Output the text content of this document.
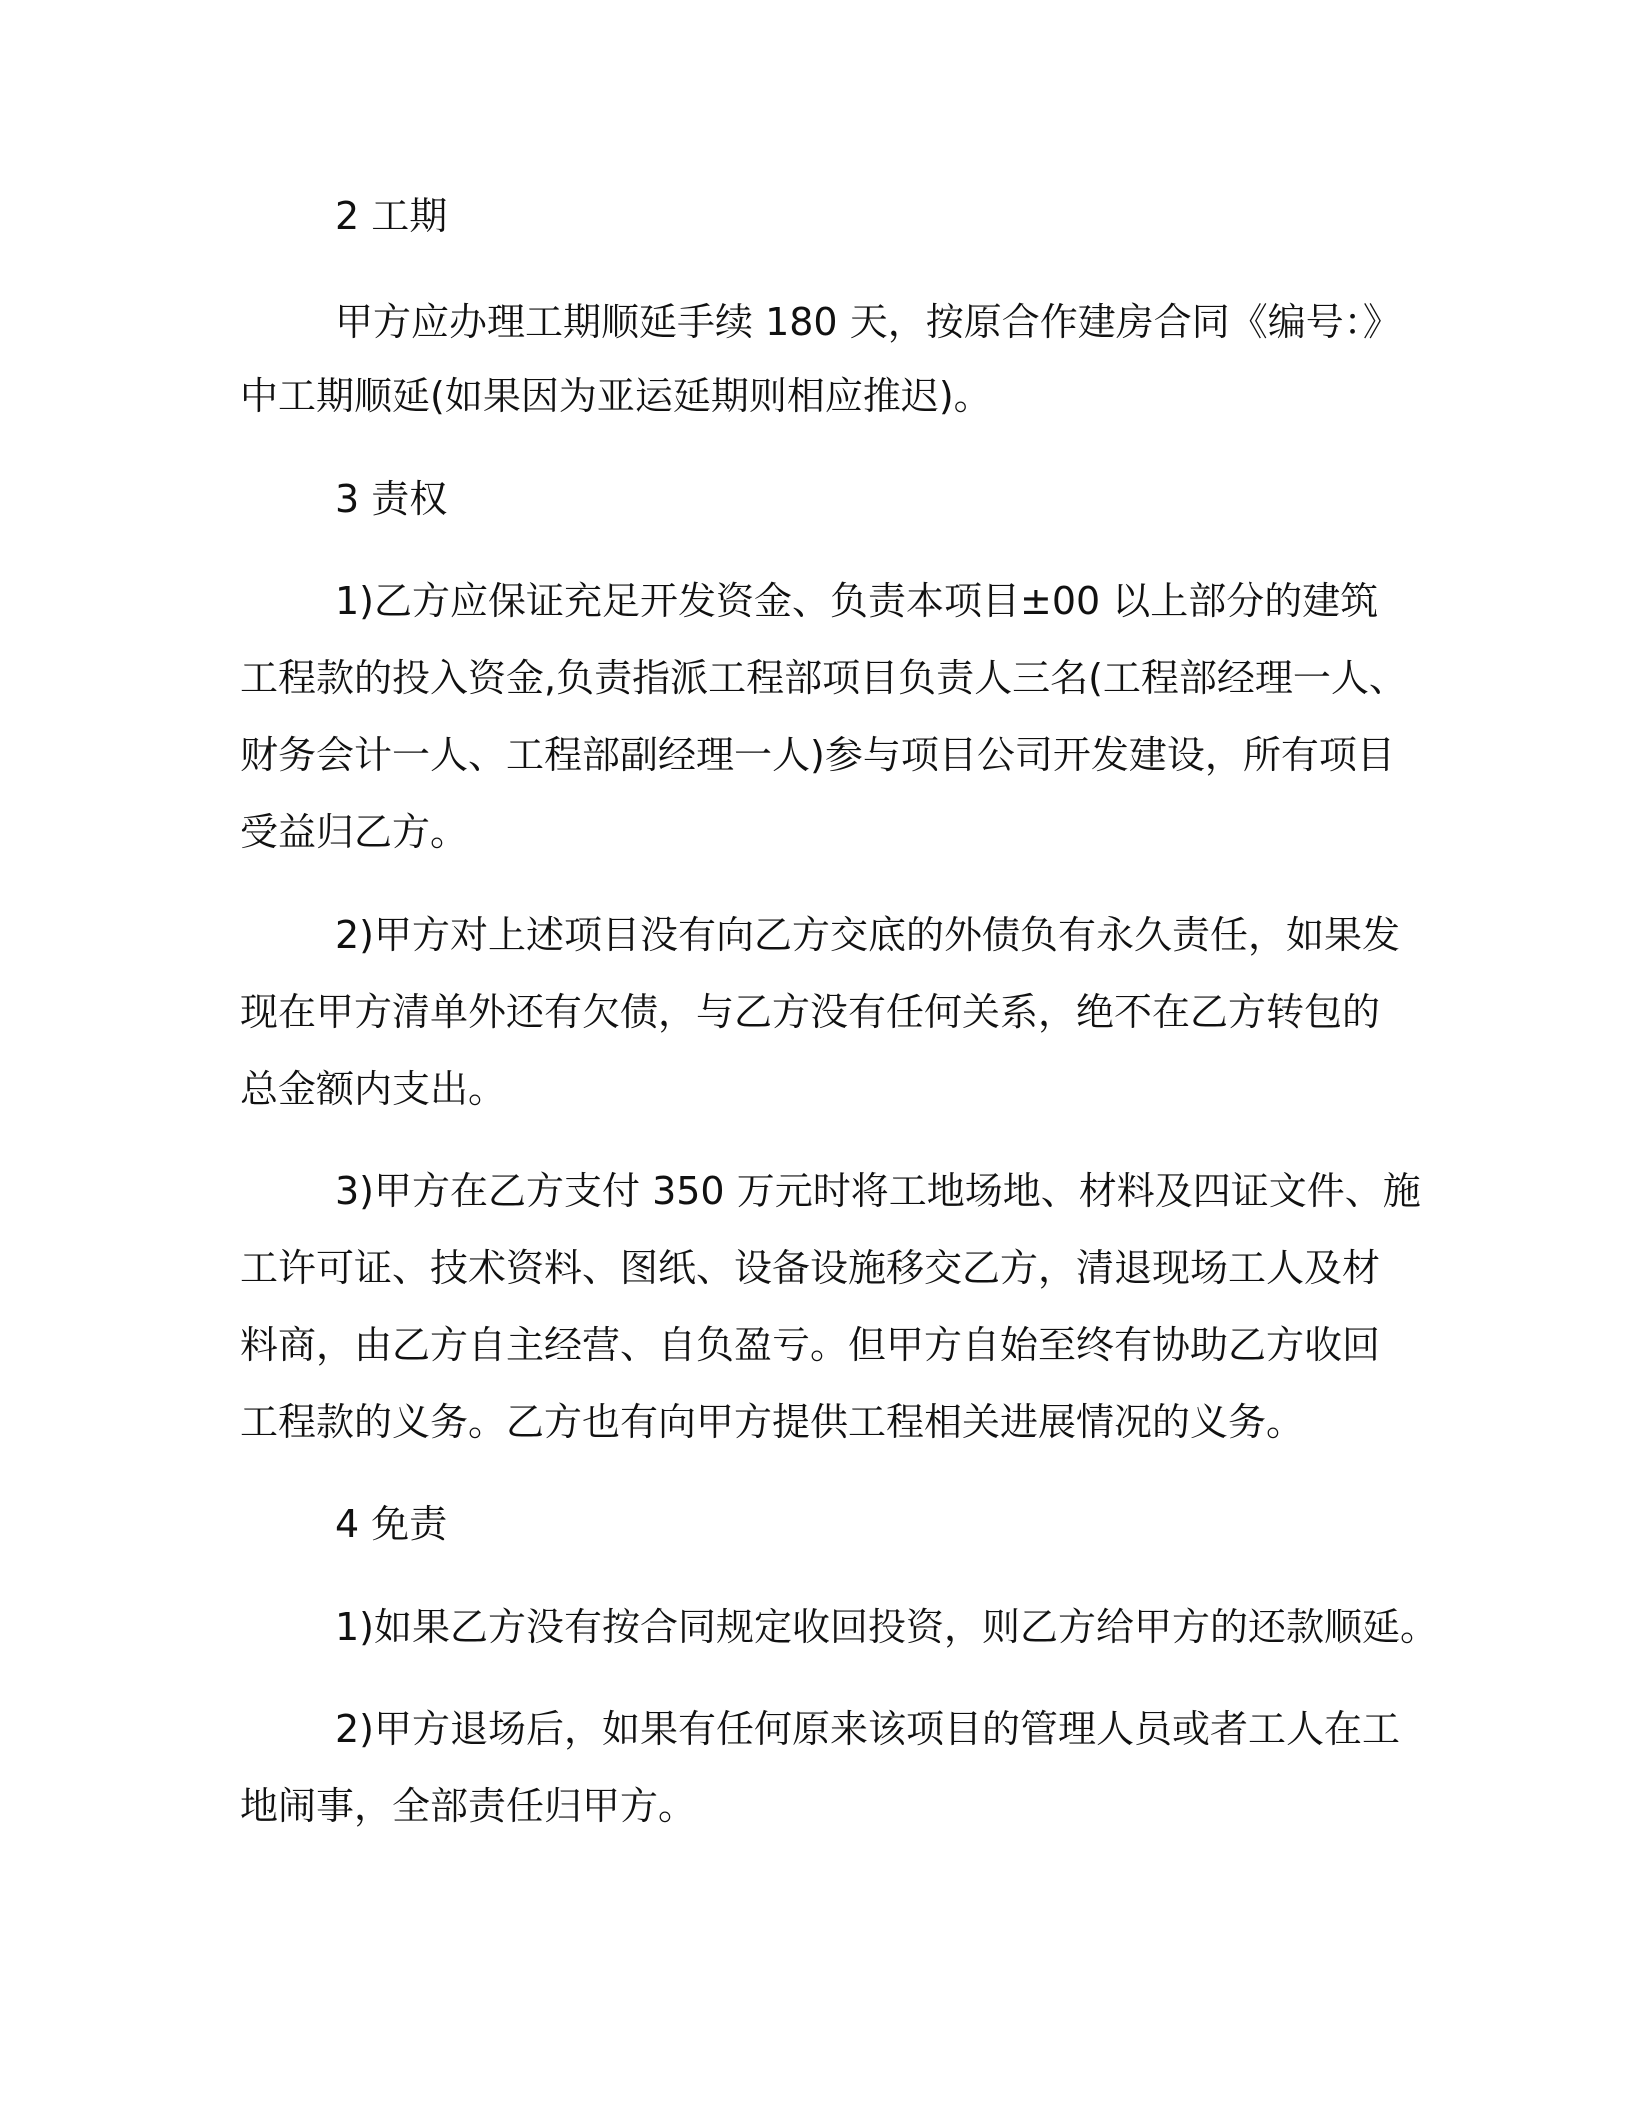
2 工期
甲方应办理工期顺延手续 180 天，按原合作建房合同《编号：》
中工期顺延(如果因为亚运延期则相应推迟)。
3 责权
1)乙方应保证充足开发资金、负责本项目±00 以上部分的建筑
工程款的投入资金,负责指派工程部项目负责人三名(工程部经理一人、
财务会计一人、工程部副经理一人)参与项目公司开发建设，所有项目
受益归乙方。
2)甲方对上述项目没有向乙方交底的外债负有永久责任，如果发
现在甲方清单外还有欠债，与乙方没有任何关系，绝不在乙方转包的
总金额内支出。
3)甲方在乙方支付 350 万元时将工地场地、材料及四证文件、施
工许可证、技术资料、图纸、设备设施移交乙方，清退现场工人及材
料商，由乙方自主经营、自负盈亏。但甲方自始至终有协助乙方收回
工程款的义务。乙方也有向甲方提供工程相关进展情况的义务。
4 免责
1)如果乙方没有按合同规定收回投资，则乙方给甲方的还款顺延。
2)甲方退场后，如果有任何原来该项目的管理人员或者工人在工
地闹事，全部责任归甲方。
